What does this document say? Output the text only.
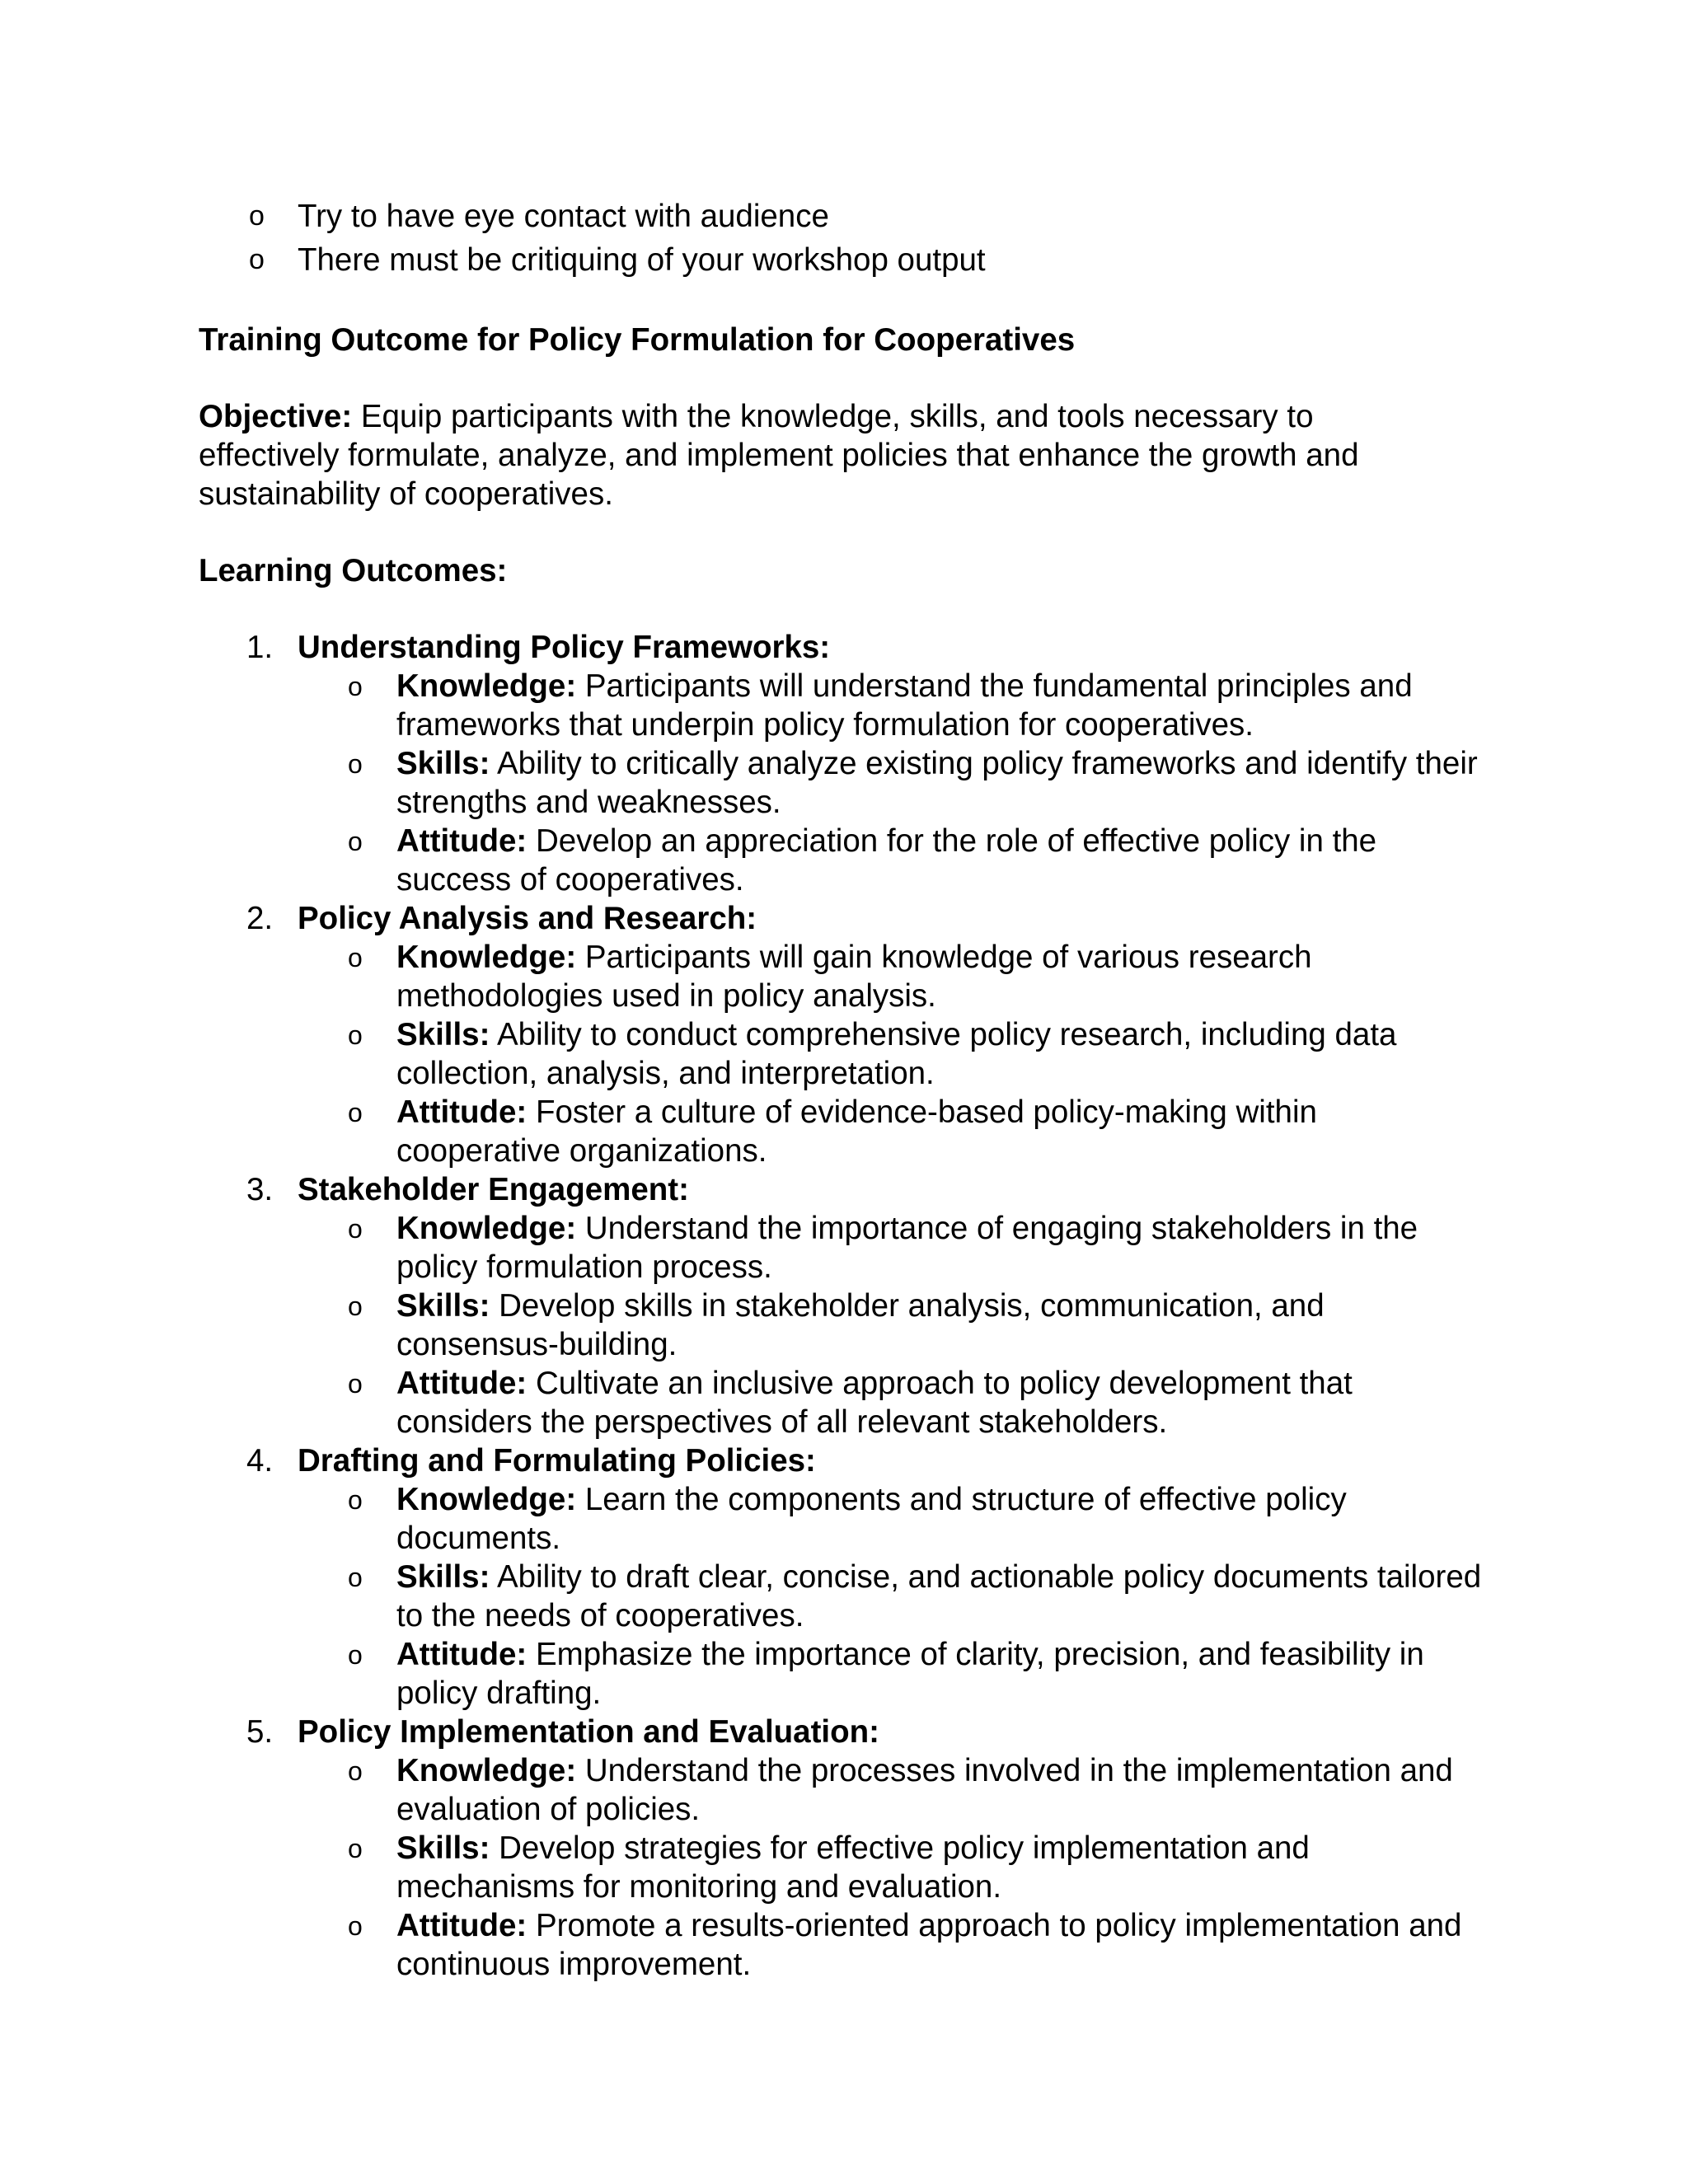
o Try to have eye contact with audience
o There must be critiquing of your workshop output
Training Outcome for Policy Formulation for Cooperatives
Objective: Equip participants with the knowledge, skills, and tools necessary to effectively formulate, analyze, and implement policies that enhance the growth and sustainability of cooperatives.
Learning Outcomes:
1. Understanding Policy Frameworks:
o Knowledge: Participants will understand the fundamental principles and frameworks that underpin policy formulation for cooperatives.
o Skills: Ability to critically analyze existing policy frameworks and identify their strengths and weaknesses.
o Attitude: Develop an appreciation for the role of effective policy in the success of cooperatives.
2. Policy Analysis and Research:
o Knowledge: Participants will gain knowledge of various research methodologies used in policy analysis.
o Skills: Ability to conduct comprehensive policy research, including data collection, analysis, and interpretation.
o Attitude: Foster a culture of evidence-based policy-making within cooperative organizations.
3. Stakeholder Engagement:
o Knowledge: Understand the importance of engaging stakeholders in the policy formulation process.
o Skills: Develop skills in stakeholder analysis, communication, and consensus-building.
o Attitude: Cultivate an inclusive approach to policy development that considers the perspectives of all relevant stakeholders.
4. Drafting and Formulating Policies:
o Knowledge: Learn the components and structure of effective policy documents.
o Skills: Ability to draft clear, concise, and actionable policy documents tailored to the needs of cooperatives.
o Attitude: Emphasize the importance of clarity, precision, and feasibility in policy drafting.
5. Policy Implementation and Evaluation:
o Knowledge: Understand the processes involved in the implementation and evaluation of policies.
o Skills: Develop strategies for effective policy implementation and mechanisms for monitoring and evaluation.
o Attitude: Promote a results-oriented approach to policy implementation and continuous improvement.
